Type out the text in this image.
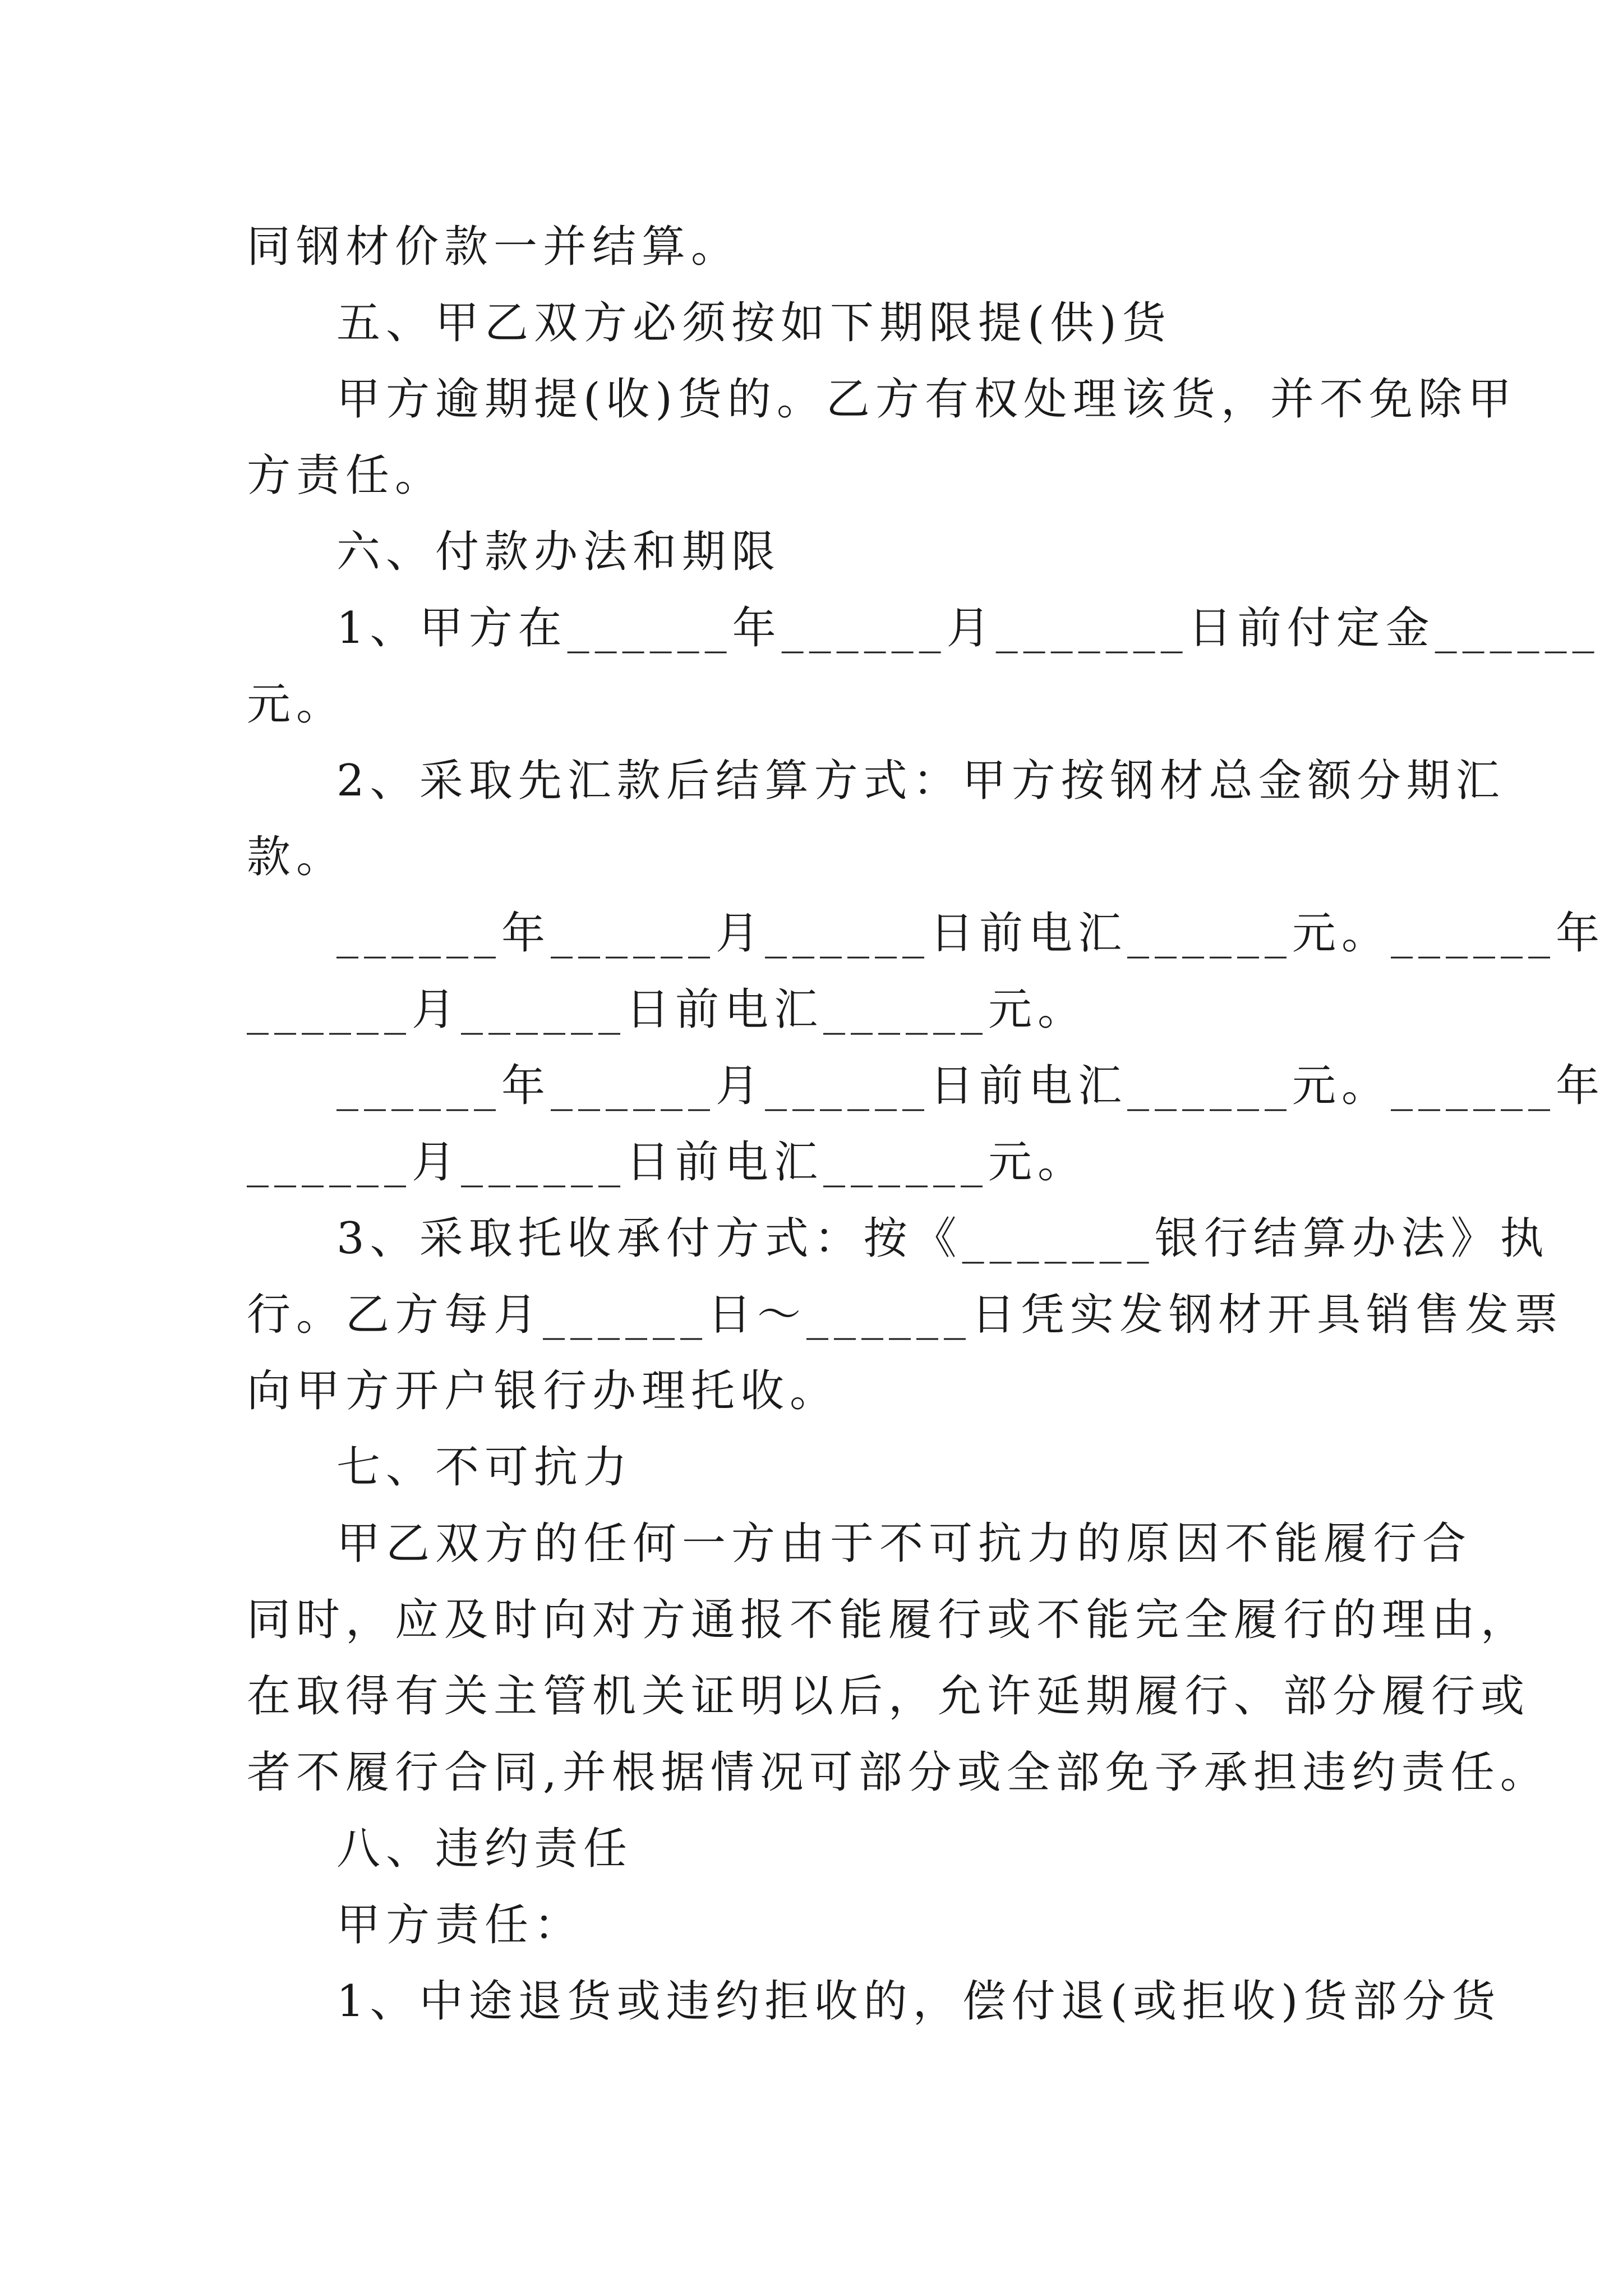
同钢材价款一并结算。
五、甲乙双方必须按如下期限提(供)货
甲方逾期提(收)货的。乙方有权处理该货，并不免除甲
方责任。
六、付款办法和期限
1、甲方在______年______月_______日前付定金______
元。
2、采取先汇款后结算方式：甲方按钢材总金额分期汇
款。
______年______月______日前电汇______元。______年
______月______日前电汇______元。
______年______月______日前电汇______元。______年
______月______日前电汇______元。
3、采取托收承付方式：按《_______银行结算办法》执
行。乙方每月______日～______日凭实发钢材开具销售发票
向甲方开户银行办理托收。
七、不可抗力
甲乙双方的任何一方由于不可抗力的原因不能履行合
同时，应及时向对方通报不能履行或不能完全履行的理由，
在取得有关主管机关证明以后，允许延期履行、部分履行或
者不履行合同,并根据情况可部分或全部免予承担违约责任。
八、违约责任
甲方责任：
1、中途退货或违约拒收的，偿付退(或拒收)货部分货
